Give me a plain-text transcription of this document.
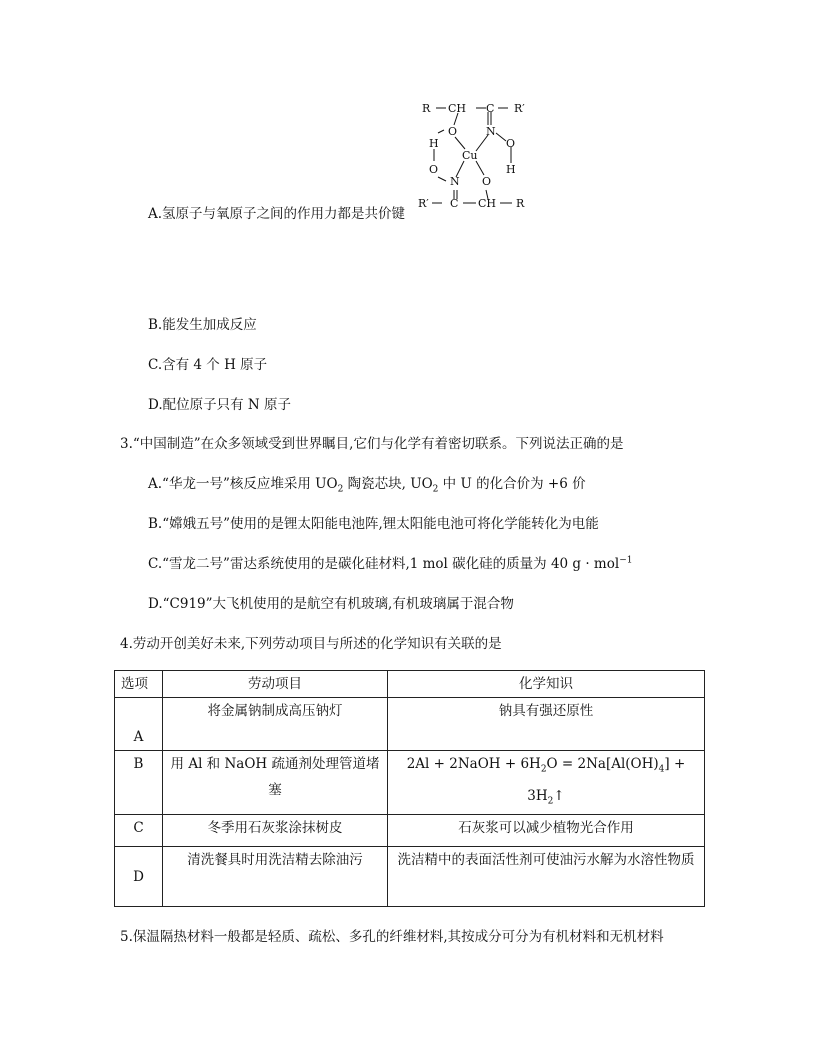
R CH C R′
O	N
H
Cu
O
H
O
N O
R′ C CH R
A.氢原子与氧原子之间的作用力都是共价键
B.能发生加成反应
C.含有 4 个 H 原子
D.配位原子只有 N 原子
3.“中国制造”在众多领域受到世界瞩目,它们与化学有着密切联系。下列说法正确的是
A.“华龙一号”核反应堆采用 $UO_2$ 陶瓷芯块, $UO_2$ 中 U 的化合价为 +6 价
B.“嫦娥五号”使用的是锂太阳能电池阵,锂太阳能电池可将化学能转化为电能
C.“雪龙二号”雷达系统使用的是碳化硅材料,1 mol 碳化硅的质量为 40 g · mol$^{-1}$
D.“C919”大飞机使用的是航空有机玻璃,有机玻璃属于混合物
4.劳动开创美好未来,下列劳动项目与所述的化学知识有关联的是
选项	劳动项目	化学知识
A	将金属钠制成高压钠灯	钠具有强还原性
B	用 Al 和 NaOH 疏通剂处理管道堵塞	2Al + 2NaOH + $6H_2O = 2Na[Al(OH)_4]$ + $3H_2↑$
C	冬季用石灰浆涂抹树皮	石灰浆可以减少植物光合作用
D	清洗餐具时用洗洁精去除油污	洗洁精中的表面活性剂可使油污水解为水溶性物质
5.保温隔热材料一般都是轻质、疏松、多孔的纤维材料,其按成分可分为有机材料和无机材料
